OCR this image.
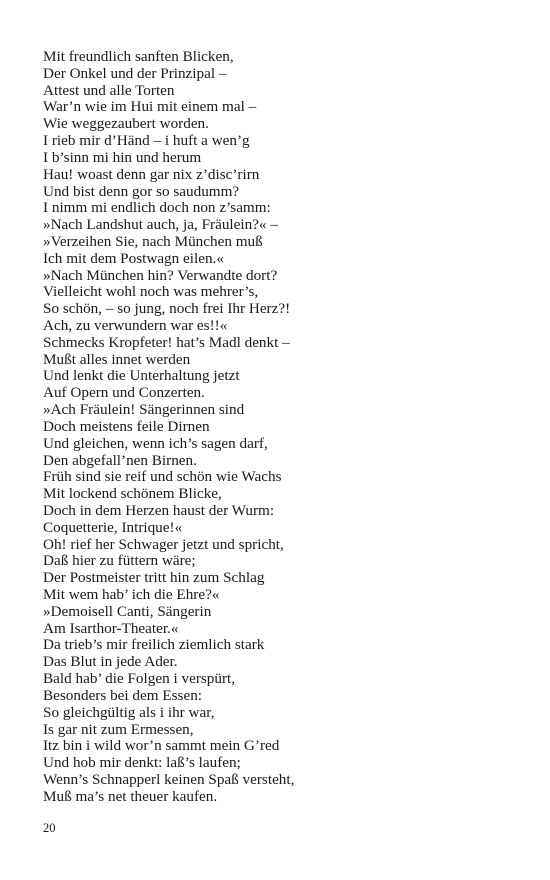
Mit freundlich sanften Blicken,
Der Onkel und der Prinzipal –
Attest und alle Torten
War’n wie im Hui mit einem mal –
Wie weggezaubert worden.
I rieb mir d’Händ – i huft a wen’g
I b’sinn mi hin und herum
Hau! woast denn gar nix z’disc’rirn
Und bist denn gor so saudumm?
I nimm mi endlich doch non z’samm:
»Nach Landshut auch, ja, Fräulein?« –
»Verzeihen Sie, nach München muß
Ich mit dem Postwagn eilen.«
»Nach München hin? Verwandte dort?
Vielleicht wohl noch was mehrer’s,
So schön, – so jung, noch frei Ihr Herz?!
Ach, zu verwundern war es!!«
Schmecks Kropfeter! hat’s Madl denkt –
Mußt alles innet werden
Und lenkt die Unterhaltung jetzt
Auf Opern und Conzerten.
»Ach Fräulein! Sängerinnen sind
Doch meistens feile Dirnen
Und gleichen, wenn ich’s sagen darf,
Den abgefall’nen Birnen.
Früh sind sie reif und schön wie Wachs
Mit lockend schönem Blicke,
Doch in dem Herzen haust der Wurm:
Coquetterie, Intrique!«
Oh! rief her Schwager jetzt und spricht,
Daß hier zu füttern wäre;
Der Postmeister tritt hin zum Schlag
Mit wem hab’ ich die Ehre?«
»Demoisell Canti, Sängerin
Am Isarthor-Theater.«
Da trieb’s mir freilich ziemlich stark
Das Blut in jede Ader.
Bald hab’ die Folgen i verspürt,
Besonders bei dem Essen:
So gleichgültig als i ihr war,
Is gar nit zum Ermessen,
Itz bin i wild wor’n sammt mein G’red
Und hob mir denkt: laß’s laufen;
Wenn’s Schnapperl keinen Spaß versteht,
Muß ma’s net theuer kaufen.
20
